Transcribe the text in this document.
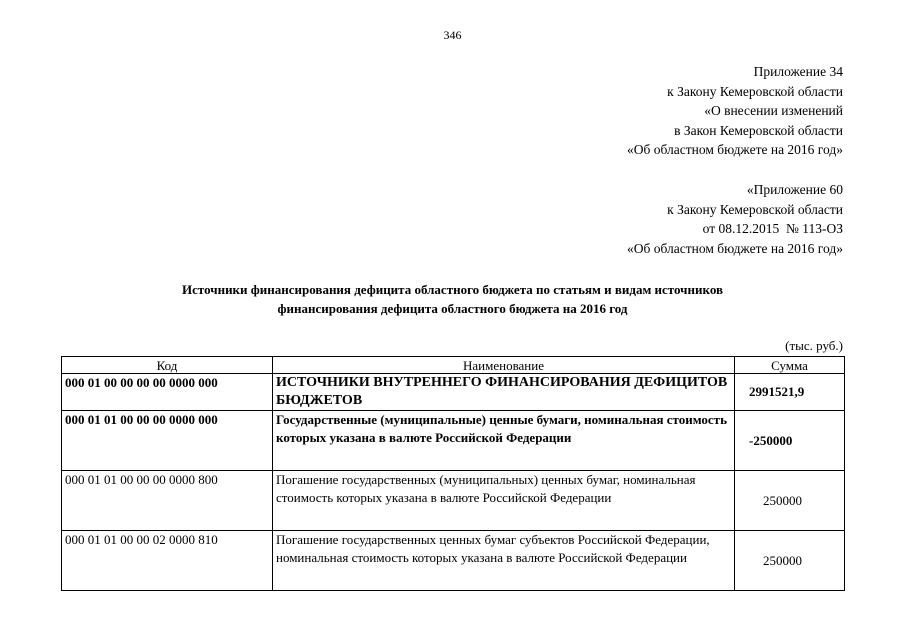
346
Приложение 34
к Закону Кемеровской области
«О внесении изменений
в Закон Кемеровской области
«Об областном бюджете на 2016 год»
«Приложение 60
к Закону Кемеровской области
от 08.12.2015  № 113-ОЗ
«Об областном бюджете на 2016 год»
Источники финансирования дефицита областного бюджета по статьям и видам источников
финансирования дефицита областного бюджета на 2016 год
(тыс. руб.)
Код	Наименование	Сумма
000 01 00 00 00 00 0000 000	ИСТОЧНИКИ ВНУТРЕННЕГО ФИНАНСИРОВАНИЯ ДЕФИЦИТОВ БЮДЖЕТОВ	2991521,9
000 01 01 00 00 00 0000 000	Государственные (муниципальные) ценные бумаги, номинальная стоимость которых указана в валюте Российской Федерации	-250000
000 01 01 00 00 00 0000 800	Погашение государственных (муниципальных) ценных бумаг, номинальная стоимость которых указана в валюте Российской Федерации	250000
000 01 01 00 00 02 0000 810	Погашение государственных ценных бумаг субъектов Российской Федерации, номинальная стоимость которых указана в валюте Российской Федерации	250000
